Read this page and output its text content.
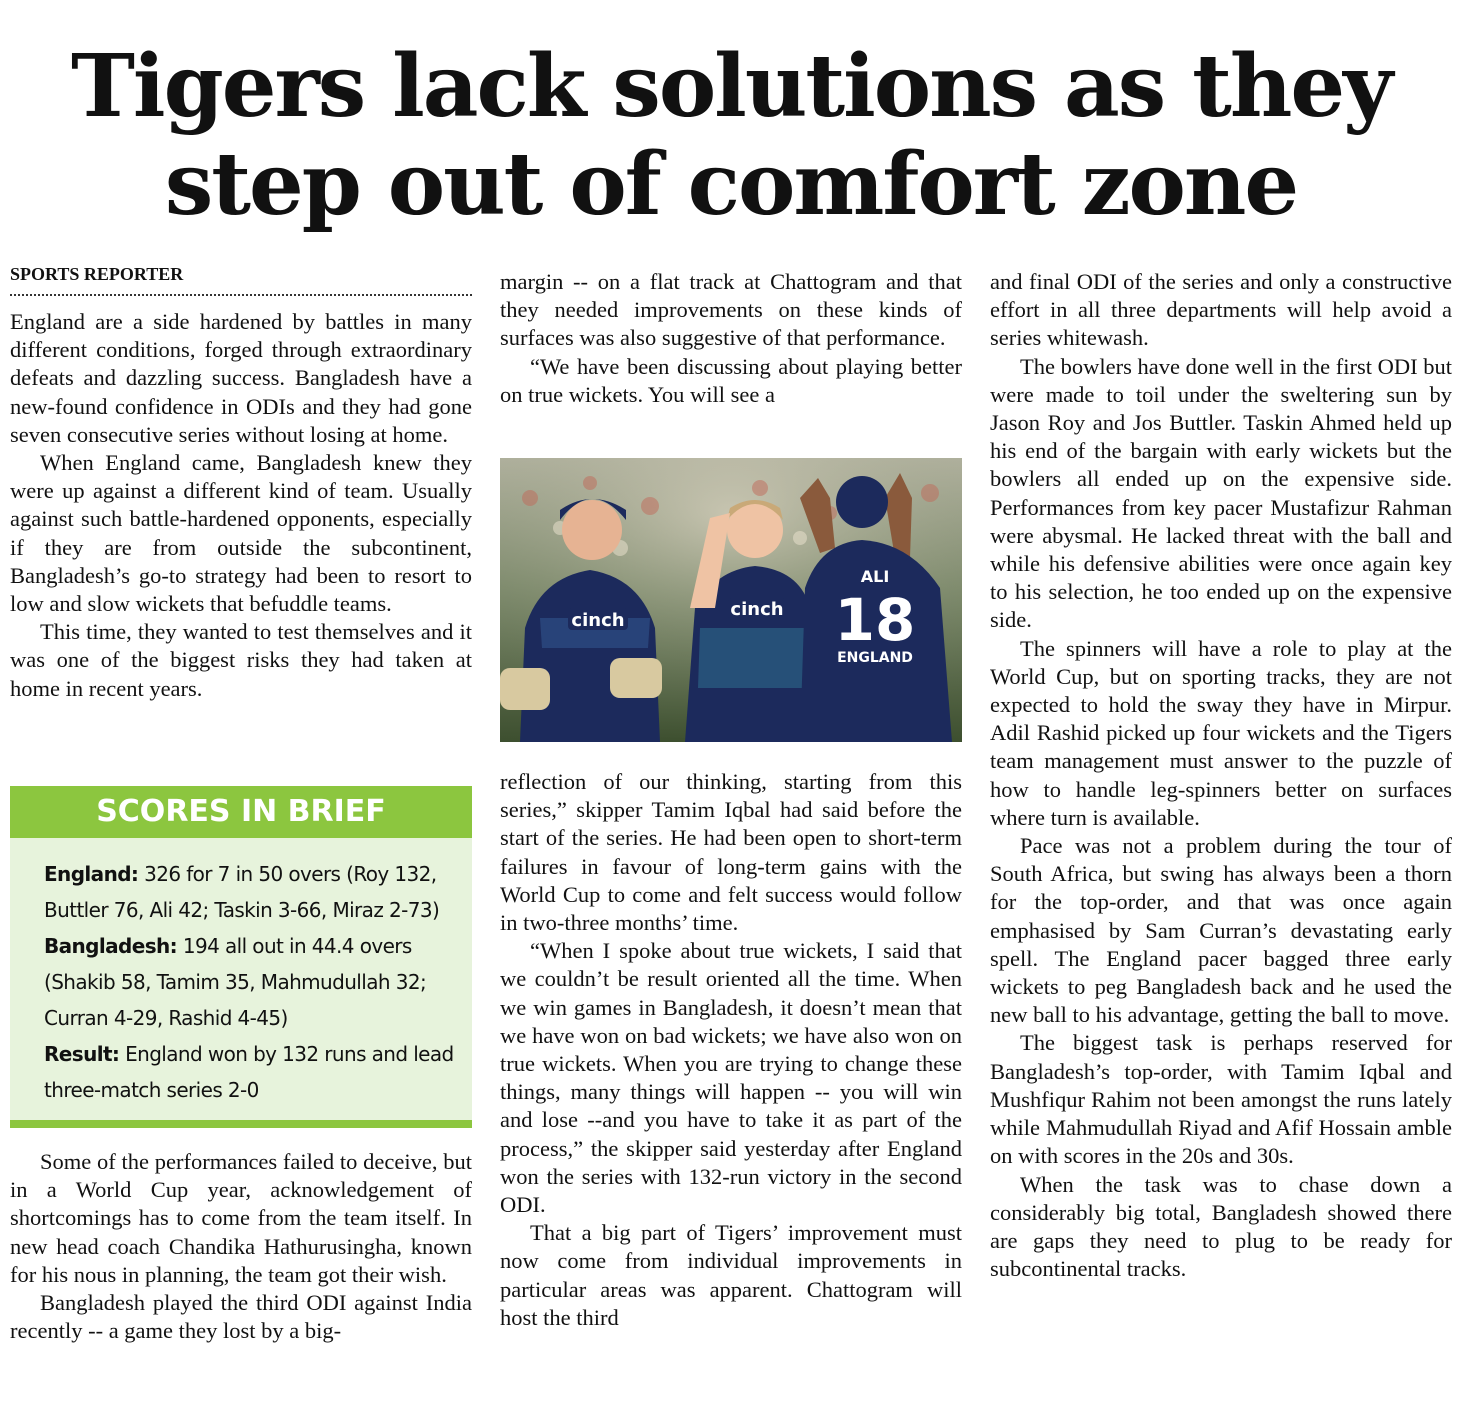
Tigers lack solutions as they
step out of comfort zone
SPORTS REPORTER

England are a side hardened by battles in many different conditions, forged through extraordinary defeats and dazzling success. Bangladesh have a new-found confidence in ODIs and they had gone seven consecutive series without losing at home.

When England came, Bangladesh knew they were up against a different kind of team. Usually against such battle-hardened opponents, especially if they are from outside the subcontinent, Bangladesh’s go-to strategy had been to resort to low and slow wickets that befuddle teams.

This time, they wanted to test themselves and it was one of the biggest risks they had taken at home in recent years.

SCORES IN BRIEF

England: 326 for 7 in 50 overs (Roy 132, Buttler 76, Ali 42; Taskin 3-66, Miraz 2-73)

Bangladesh: 194 all out in 44.4 overs (Shakib 58, Tamim 35, Mahmudullah 32; Curran 4-29, Rashid 4-45)

Result: England won by 132 runs and lead three-match series 2-0

Some of the performances failed to deceive, but in a World Cup year, acknowledgement of shortcomings has to come from the team itself. In new head coach Chandika Hathurusingha, known for his nous in planning, the team got their wish.

Bangladesh played the third ODI against India recently -- a game they lost by a big-

margin -- on a flat track at Chattogram and that they needed improvements on these kinds of surfaces was also suggestive of that performance.

“We have been discussing about playing better on true wickets. You will see a

cinch
cinch
ALI
18
ENGLAND

reflection of our thinking, starting from this series,” skipper Tamim Iqbal had said before the start of the series. He had been open to short-term failures in favour of long-term gains with the World Cup to come and felt success would follow in two-three months’ time.

“When I spoke about true wickets, I said that we couldn’t be result oriented all the time. When we win games in Bangladesh, it doesn’t mean that we have won on bad wickets; we have also won on true wickets. When you are trying to change these things, many things will happen -- you will win and lose --and you have to take it as part of the process,” the skipper said yesterday after England won the series with 132-run victory in the second ODI.

That a big part of Tigers’ improvement must now come from individual improvements in particular areas was apparent. Chattogram will host the third

and final ODI of the series and only a constructive effort in all three departments will help avoid a series whitewash.

The bowlers have done well in the first ODI but were made to toil under the sweltering sun by Jason Roy and Jos Buttler. Taskin Ahmed held up his end of the bargain with early wickets but the bowlers all ended up on the expensive side. Performances from key pacer Mustafizur Rahman were abysmal. He lacked threat with the ball and while his defensive abilities were once again key to his selection, he too ended up on the expensive side.

The spinners will have a role to play at the World Cup, but on sporting tracks, they are not expected to hold the sway they have in Mirpur. Adil Rashid picked up four wickets and the Tigers team management must answer to the puzzle of how to handle leg-spinners better on surfaces where turn is available.

Pace was not a problem during the tour of South Africa, but swing has always been a thorn for the top-order, and that was once again emphasised by Sam Curran’s devastating early spell. The England pacer bagged three early wickets to peg Bangladesh back and he used the new ball to his advantage, getting the ball to move.

The biggest task is perhaps reserved for Bangladesh’s top-order, with Tamim Iqbal and Mushfiqur Rahim not been amongst the runs lately while Mahmudullah Riyad and Afif Hossain amble on with scores in the 20s and 30s.

When the task was to chase down a considerably big total, Bangladesh showed there are gaps they need to plug to be ready for subcontinental tracks.
